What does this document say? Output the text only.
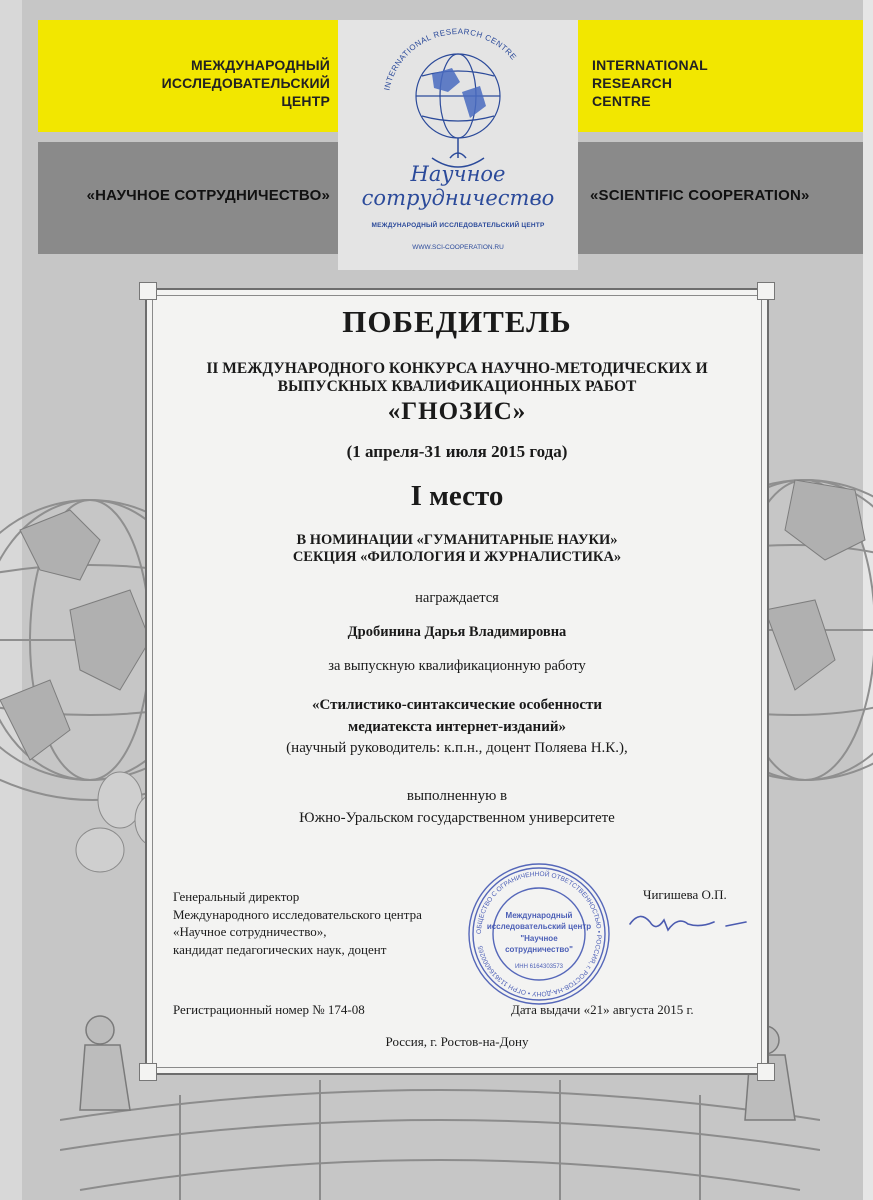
МЕЖДУНАРОДНЫЙ
ИССЛЕДОВАТЕЛЬСКИЙ
ЦЕНТР
INTERNATIONAL
RESEARCH
CENTRE
«НАУЧНОЕ СОТРУДНИЧЕСТВО»	«SCIENTIFIC COOPERATION»
INTERNATIONAL RESEARCH CENTRE
Научное
сотрудничество
МЕЖДУНАРОДНЫЙ ИССЛЕДОВАТЕЛЬСКИЙ ЦЕНТР
WWW.SCI-COOPERATION.RU
ПОБЕДИТЕЛЬ
II МЕЖДУНАРОДНОГО КОНКУРСА НАУЧНО-МЕТОДИЧЕСКИХ И
ВЫПУСКНЫХ КВАЛИФИКАЦИОННЫХ РАБОТ
«ГНОЗИС»
(1 апреля-31 июля 2015 года)
I место
В НОМИНАЦИИ «ГУМАНИТАРНЫЕ НАУКИ»
СЕКЦИЯ «ФИЛОЛОГИЯ И ЖУРНАЛИСТИКА»
награждается
Дробинина Дарья Владимировна
за выпускную квалификационную работу
«Стилистико-синтаксические особенности
медиатекста интернет-изданий»
(научный руководитель: к.п.н., доцент Поляева Н.К.),
выполненную в
Южно-Уральском государственном университете
Генеральный директор
Международного исследовательского центра
«Научное сотрудничество»,
кандидат педагогических наук, доцент
Чигишева О.П.
ОБЩЕСТВО С ОГРАНИЧЕННОЙ ОТВЕТСТВЕННОСТЬЮ • РОССИЯ, г. РОСТОВ-НА-ДОНУ • ОГРН 1136164000265
Международный
исследовательский центр
"Научное
сотрудничество"
ИНН 6164303573
Регистрационный номер № 174-08	Дата выдачи «21» августа 2015 г.
Россия, г. Ростов-на-Дону
